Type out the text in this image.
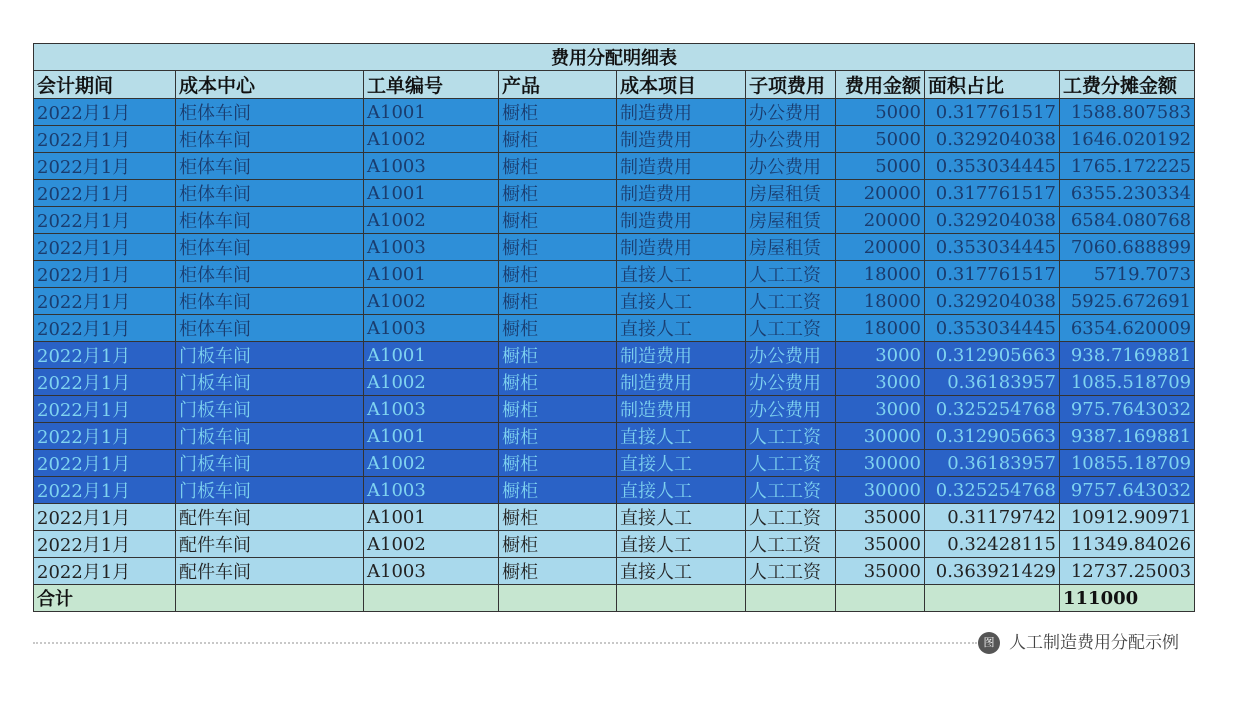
费用分配明细表								
会计期间	成本中心	工单编号	产品	成本项目	子项费用	费用金额	面积占比	工费分摊金额
2022月1月	柜体车间	A1001	橱柜	制造费用	办公费用	5000	0.317761517	1588.807583
2022月1月	柜体车间	A1002	橱柜	制造费用	办公费用	5000	0.329204038	1646.020192
2022月1月	柜体车间	A1003	橱柜	制造费用	办公费用	5000	0.353034445	1765.172225
2022月1月	柜体车间	A1001	橱柜	制造费用	房屋租赁	20000	0.317761517	6355.230334
2022月1月	柜体车间	A1002	橱柜	制造费用	房屋租赁	20000	0.329204038	6584.080768
2022月1月	柜体车间	A1003	橱柜	制造费用	房屋租赁	20000	0.353034445	7060.688899
2022月1月	柜体车间	A1001	橱柜	直接人工	人工工资	18000	0.317761517	5719.7073
2022月1月	柜体车间	A1002	橱柜	直接人工	人工工资	18000	0.329204038	5925.672691
2022月1月	柜体车间	A1003	橱柜	直接人工	人工工资	18000	0.353034445	6354.620009
2022月1月	门板车间	A1001	橱柜	制造费用	办公费用	3000	0.312905663	938.7169881
2022月1月	门板车间	A1002	橱柜	制造费用	办公费用	3000	0.36183957	1085.518709
2022月1月	门板车间	A1003	橱柜	制造费用	办公费用	3000	0.325254768	975.7643032
2022月1月	门板车间	A1001	橱柜	直接人工	人工工资	30000	0.312905663	9387.169881
2022月1月	门板车间	A1002	橱柜	直接人工	人工工资	30000	0.36183957	10855.18709
2022月1月	门板车间	A1003	橱柜	直接人工	人工工资	30000	0.325254768	9757.643032
2022月1月	配件车间	A1001	橱柜	直接人工	人工工资	35000	0.31179742	10912.90971
2022月1月	配件车间	A1002	橱柜	直接人工	人工工资	35000	0.32428115	11349.84026
2022月1月	配件车间	A1003	橱柜	直接人工	人工工资	35000	0.363921429	12737.25003
合计								111000
图 人工制造费用分配示例
